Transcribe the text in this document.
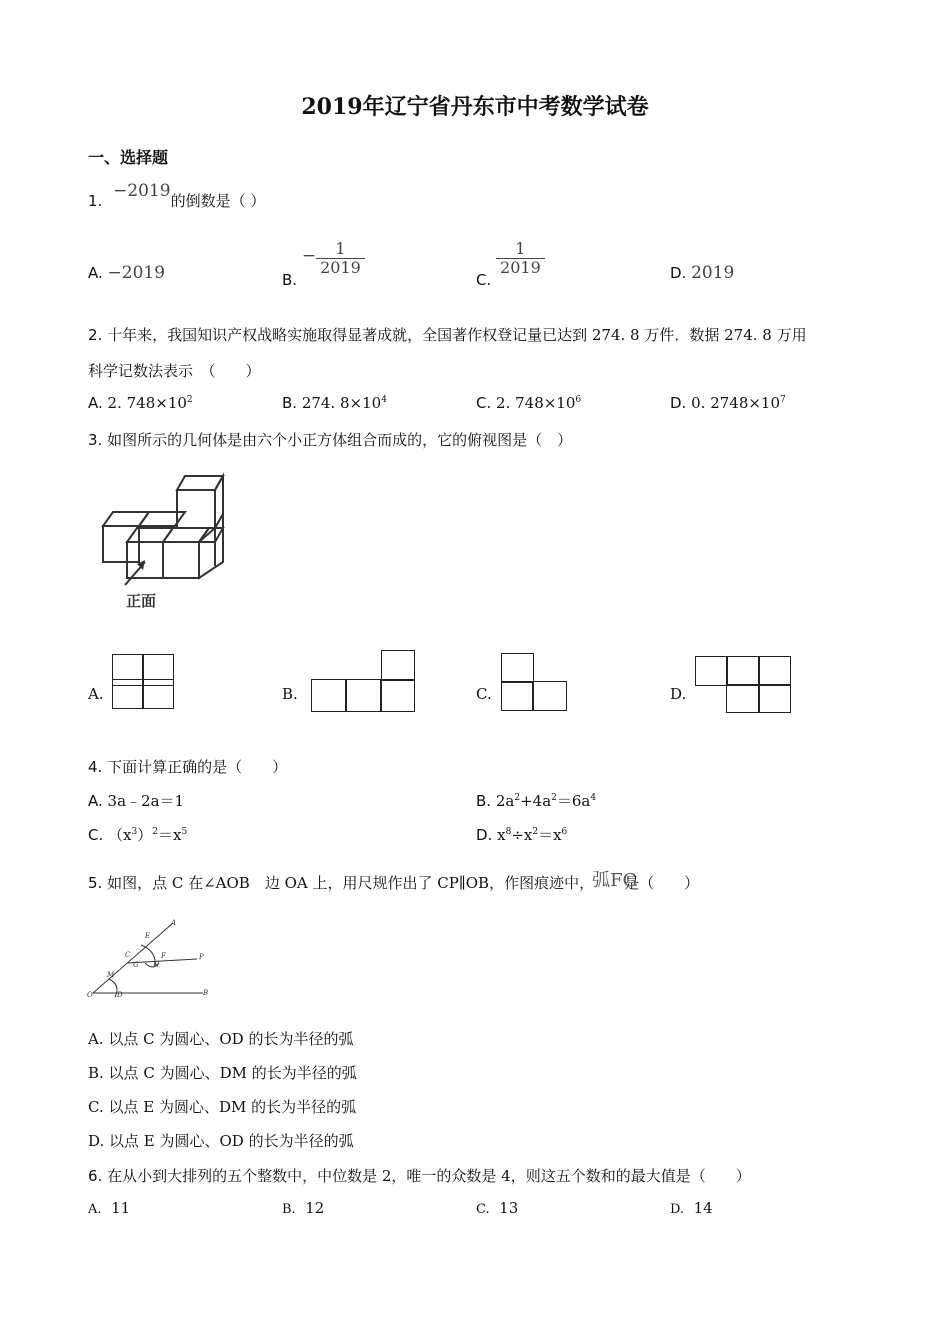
2019年辽宁省丹东市中考数学试卷
一、选择题
1. −2019的倒数是（ ）
A. −2019	B. − $\frac{1}{2019}$
C.
$\frac{1}{2019}$	D. 2019
2. 十年来，我国知识产权战略实施取得显著成就，全国著作权登记量已达到 274. 8 万件．数据 274. 8 万用
科学记数法表示　（　　）
A. 2. $748\times 10^2$	B. 274. $8\times 10^4$	C. 2. $748\times 10^6$	D. 0. $2748\times 10^7$
3. 如图所示的几何体是由六个小正方体组合而成的，它的俯视图是（　）
正面
A.	B.	C.	D.
4. 下面计算正确的是（　　）
A. 3a﹣2a＝1	B. $2a^2+4a^2=6a^4$
C. $(x^3)^2=x^5$	D. $x^8\div x^2=x^6$
5. 如图，点 C 在∠AOB　边 OA 上，用尺规作出了 CP∥OB，作图痕迹中，
弧FG
是（　　）
A
E
C	F	P
G N
M
O	D	B
A. 以点 C 为圆心、OD 的长为半径的弧
B. 以点 C 为圆心、DM 的长为半径的弧
C. 以点 E 为圆心、DM 的长为半径的弧
D. 以点 E 为圆心、OD 的长为半径的弧
6. 在从小到大排列的五个整数中，中位数是 2，唯一的众数是 4，则这五个数和的最大值是（　　）
A. 11	B. 12	C. 13	D. 14
